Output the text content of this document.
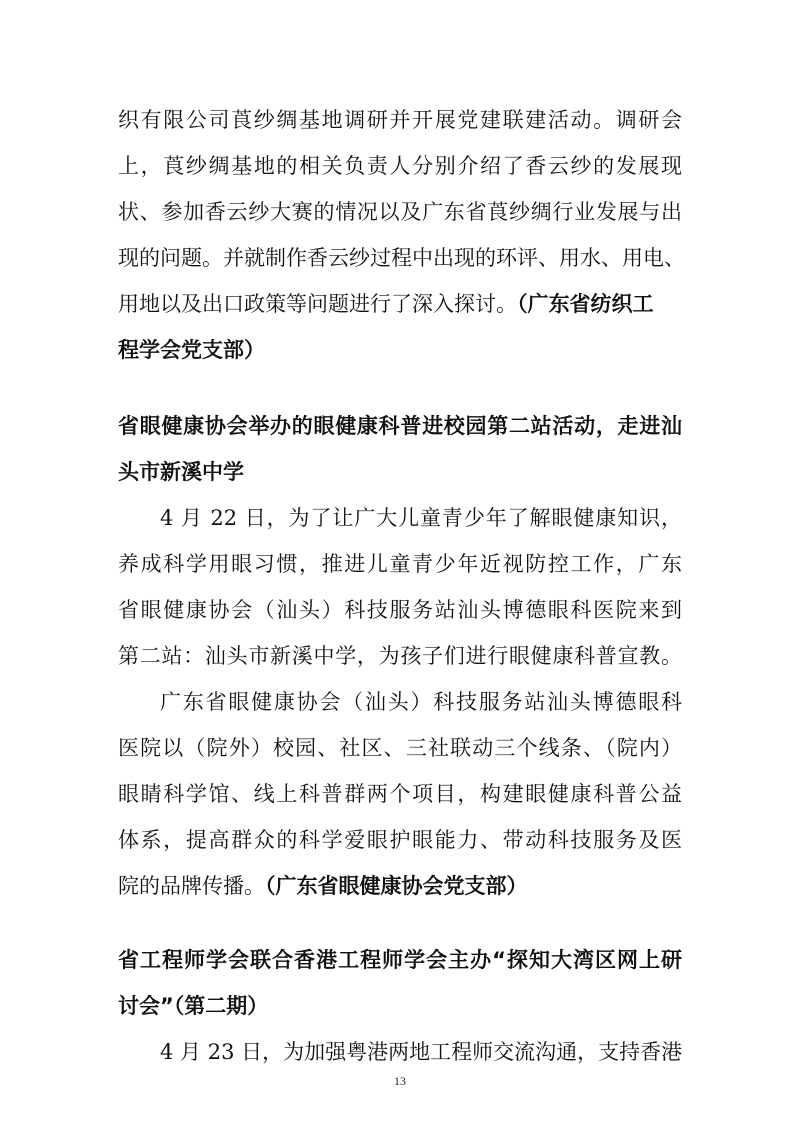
织有限公司莨纱绸基地调研并开展党建联建活动。调研会

上，莨纱绸基地的相关负责人分别介绍了香云纱的发展现

状、参加香云纱大赛的情况以及广东省莨纱绸行业发展与出

现的问题。并就制作香云纱过程中出现的环评、用水、用电、

用地以及出口政策等问题进行了深入探讨。（广东省纺织工

程学会党支部）

省眼健康协会举办的眼健康科普进校园第二站活动，走进汕

头市新溪中学

4 月 22 日，为了让广大儿童青少年了解眼健康知识，

养成科学用眼习惯，推进儿童青少年近视防控工作，广东

省眼健康协会（汕头）科技服务站汕头博德眼科医院来到

第二站：汕头市新溪中学，为孩子们进行眼健康科普宣教。

广东省眼健康协会（汕头）科技服务站汕头博德眼科

医院以（院外）校园、社区、三社联动三个线条、（院内）

眼睛科学馆、线上科普群两个项目，构建眼健康科普公益

体系，提高群众的科学爱眼护眼能力、带动科技服务及医

院的品牌传播。（广东省眼健康协会党支部）

省工程师学会联合香港工程师学会主办“探知大湾区网上研

讨会”（第二期）

4 月 23 日，为加强粤港两地工程师交流沟通，支持香港

13
